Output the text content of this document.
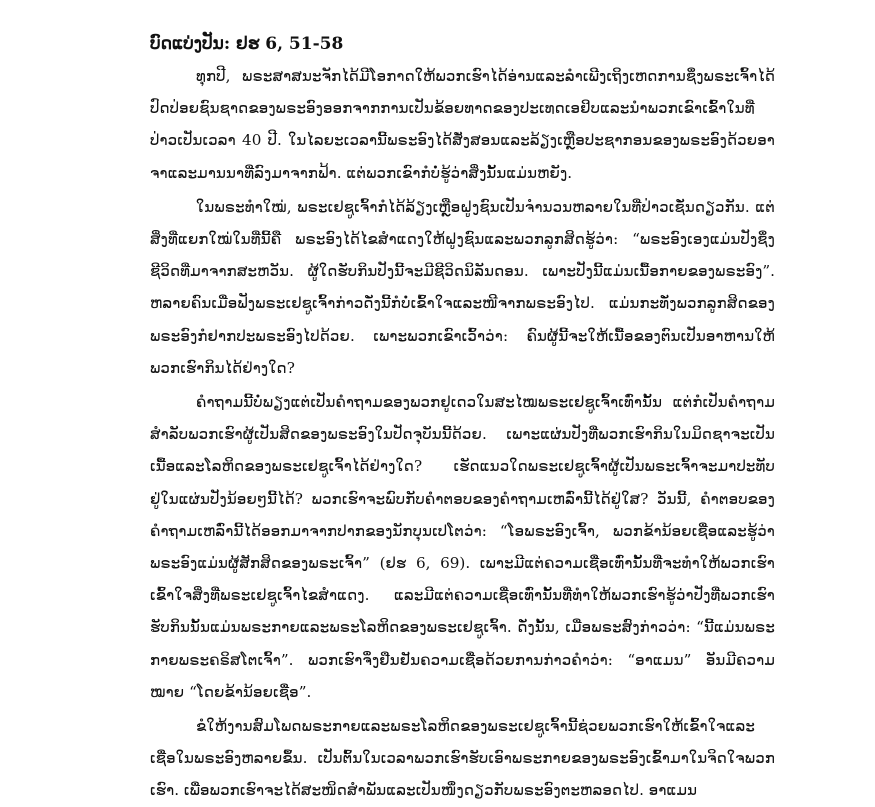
ບົດແບ່ງປັນ: ຢຮ 6, 51-58

ທຸກປີ, ພຣະສາສນະຈັກໄດ້ມີໂອກາດໃຫ້ພວກເຮົາໄດ້ອ່ານແລະລຳເພີງເຖິງເຫດການຊຶ່ງພຣະເຈົ້າໄດ້ປົດປ່ອຍຊົນຊາດຂອງພຣະອົງອອກຈາກການເປັນຂ້ອຍທາດຂອງປະເທດເອຢິບແລະນຳພວກເຂົາເຂົ້າໃນທີ່ປ່າວເປັນເວລາ 40 ປີ. ໃນໄລຍະເວລານີ້ພຣະອົງໄດ້ສັ່ງສອນແລະລ້ຽງເຫຼືອປະຊາກອນຂອງພຣະອົງດ້ວຍອາຈາແລະມານນາທີ່ລົງມາຈາກຟ້າ. ແຕ່ພວກເຂົາກໍບໍ່ຮູ້ວ່າສິ່ງນັ້ນແມ່ນຫຍັງ.

ໃນພຣະທຳໃໝ່, ພຣະເຢຊູເຈົ້າກໍໄດ້ລ້ຽງເຫຼືອຝູງຊົນເປັນຈຳນວນຫລາຍໃນທີ່ປ່າວເຊັ່ນດຽວກັນ. ແຕ່ສິ່ງທີ່ແຍກໃໝ່ໃນທີ່ນີ້ຄື ພຣະອົງໄດ້ໄຂສຳແດງໃຫ້ຝູງຊົນແລະພວກລູກສິດຮູ້ວ່າ: “ພຣະອົງເອງແມ່ນປັງຊຶ່ງຊີວິດທີ່ມາຈາກສະຫວັນ. ຜູ້ໃດຮັບກິນປັງນີ້ຈະມີຊີວິດນິລັນດອນ. ເພາະປັງນີ້ແມ່ນເນື້ອກາຍຂອງພຣະອົງ”. ຫລາຍຄົນເມື່ອຟັງພຣະເຢຊູເຈົ້າກ່າວດັ່ງນີ້ກໍບໍ່ເຂົ້າໃຈແລະໜີຈາກພຣະອົງໄປ. ແມ່ນກະທັ່ງພວກລູກສິດຂອງພຣະອົງກໍຢາກປະພຣະອົງໄປດ້ວຍ. ເພາະພວກເຂົາເວົ້າວ່າ: ຄົນຜູ້ນີ້ຈະໃຫ້ເນື້ອຂອງຕົນເປັນອາຫານໃຫ້ພວກເຮົາກິນໄດ້ຢ່າງໃດ?

ຄຳຖາມນີ້ບໍ່ພຽງແຕ່ເປັນຄຳຖາມຂອງພວກຢູເດວໃນສະໄໝພຣະເຢຊູເຈົ້າເທົ່ານັ້ນ ແຕ່ກໍເປັນຄຳຖາມສຳລັບພວກເຮົາຜູ້ເປັນສິດຂອງພຣະອົງໃນປັດຈຸບັນນີ້ດ້ວຍ. ເພາະແຜ່ນປັງທີ່ພວກເຮົາກິນໃນມິດຊາຈະເປັນເນື້ອແລະໂລຫິດຂອງພຣະເຢຊູເຈົ້າໄດ້ຢ່າງໃດ? ເຮັດແນວໃດພຣະເຢຊູເຈົ້າຜູ້ເປັນພຣະເຈົ້າຈະມາປະທັບຢູ່ໃນແຜ່ນປັງນ້ອຍໆນີ້ໄດ້? ພວກເຮົາຈະພົບກັບຄຳຕອບຂອງຄຳຖາມເຫລົ່ານີ້ໄດ້ຢູ່ໃສ? ວັນນີ້, ຄຳຕອບຂອງຄຳຖາມເຫລົ່ານີ້ໄດ້ອອກມາຈາກປາກຂອງນັກບຸນເປໂຕວ່າ: “ໂອພຣະອົງເຈົ້າ, ພວກຂ້ານ້ອຍເຊື່ອແລະຮູ້ວ່າພຣະອົງແມ່ນຜູ້ສັກສິດຂອງພຣະເຈົ້າ” (ຢຮ 6, 69). ເພາະມີແຕ່ຄວາມເຊື່ອເທົ່ານັ້ນທີ່ຈະທຳໃຫ້ພວກເຮົາເຂົ້າໃຈສິ່ງທີ່ພຣະເຢຊູເຈົ້າໄຂສຳແດງ. ແລະມີແຕ່ຄວາມເຊື່ອເທົ່ານັ້ນທີ່ທຳໃຫ້ພວກເຮົາຮູ້ວ່າປັງທີ່ພວກເຮົາຮັບກິນນັ້ນແມ່ນພຣະກາຍແລະພຣະໂລຫິດຂອງພຣະເຢຊູເຈົ້າ. ດັ່ງນັ້ນ, ເມື່ອພຣະສົງກ່າວວ່າ: “ນີ້ແມ່ນພຣະກາຍພຣະຄຣິສໂຕເຈົ້າ”. ພວກເຮົາຈຶ່ງຢືນຢັນຄວາມເຊື່ອດ້ວຍການກ່າວຄຳວ່າ: “ອາແມນ” ອັນມີຄວາມໝາຍ “ໂດຍຂ້ານ້ອຍເຊື່ອ”.

ຂໍໃຫ້ງານສົມໂພດພຣະກາຍແລະພຣະໂລຫິດຂອງພຣະເຢຊູເຈົ້ານີ້ຊ່ວຍພວກເຮົາໃຫ້ເຂົ້າໃຈແລະເຊື່ອໃນພຣະອົງຫລາຍຂຶ້ນ. ເປັນຕົ້ນໃນເວລາພວກເຮົາຮັບເອົາພຣະກາຍຂອງພຣະອົງເຂົ້າມາໃນຈິດໃຈພວກເຮົາ. ເພື່ອພວກເຮົາຈະໄດ້ສະໜິດສຳພັນແລະເປັນໜຶ່ງດຽວກັບພຣະອົງຕະຫລອດໄປ. ອາແມນ
